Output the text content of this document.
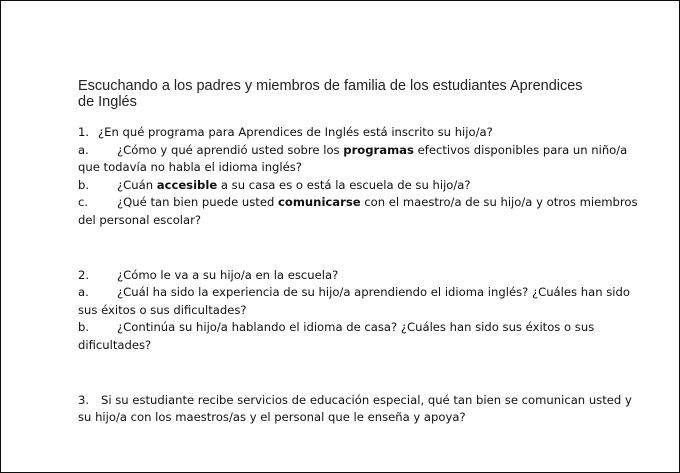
Escuchando a los padres y miembros de familia de los estudiantes Aprendices de Inglés
1. ¿En qué programa para Aprendices de Inglés está inscrito su hijo/a?
a. ¿Cómo y qué aprendió usted sobre los programas efectivos disponibles para un niño/a
que todavía no habla el idioma inglés?
b. ¿Cuán accesible a su casa es o está la escuela de su hijo/a?
c. ¿Qué tan bien puede usted comunicarse con el maestro/a de su hijo/a y otros miembros
del personal escolar?
2. ¿Cómo le va a su hijo/a en la escuela?
a. ¿Cuál ha sido la experiencia de su hijo/a aprendiendo el idioma inglés? ¿Cuáles han sido
sus éxitos o sus dificultades?
b. ¿Continúa su hijo/a hablando el idioma de casa? ¿Cuáles han sido sus éxitos o sus
dificultades?
3. Si su estudiante recibe servicios de educación especial, qué tan bien se comunican usted y
su hijo/a con los maestros/as y el personal que le enseña y apoya?
